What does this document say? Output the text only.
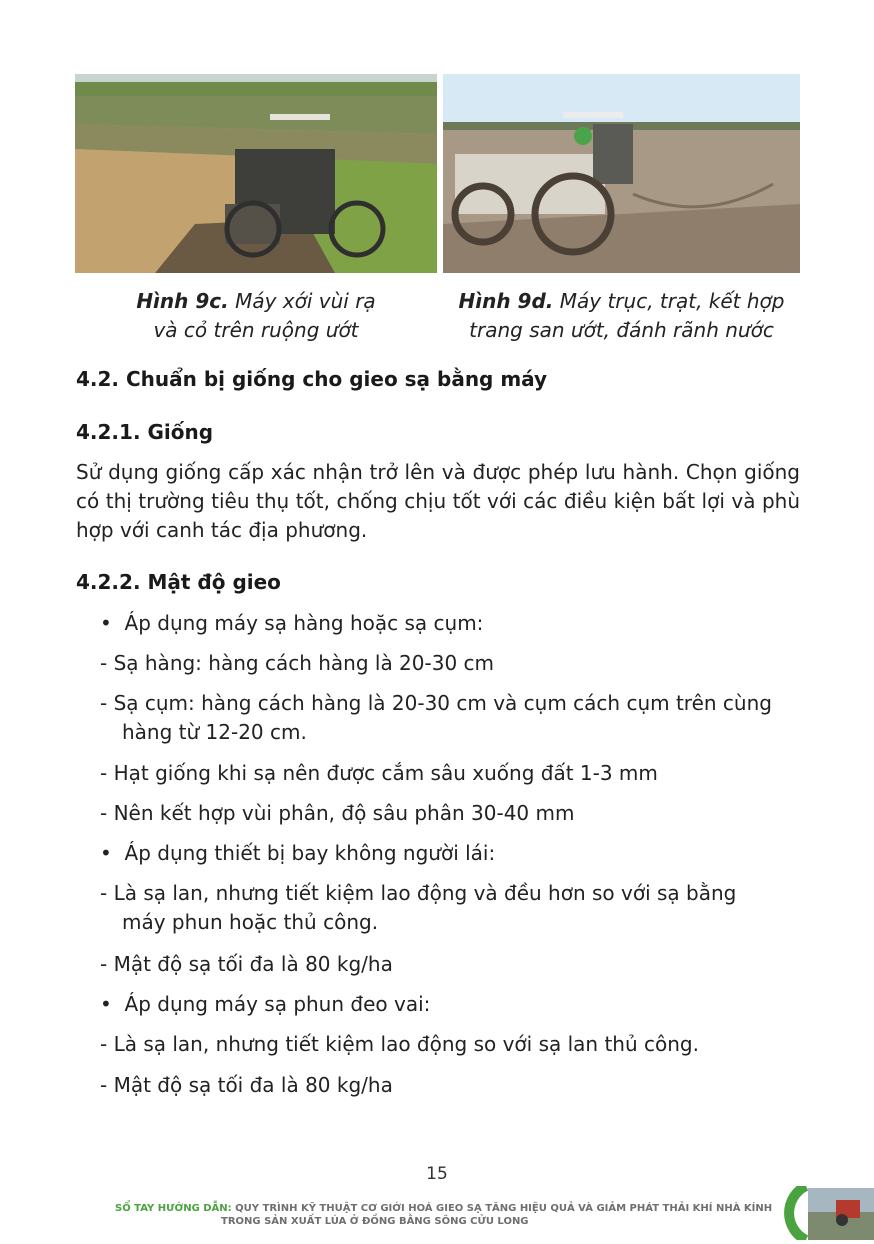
Hình 9c. Máy xới vùi rạ
và cỏ trên ruộng ướt
Hình 9d. Máy trục, trạt, kết hợp
trang san ướt, đánh rãnh nước
4.2. Chuẩn bị giống cho gieo sạ bằng máy
4.2.1. Giống
Sử dụng giống cấp xác nhận trở lên và được phép lưu hành. Chọn giống có thị trường tiêu thụ tốt, chống chịu tốt với các điều kiện bất lợi và phù hợp với canh tác địa phương.
4.2.2. Mật độ gieo
•  Áp dụng máy sạ hàng hoặc sạ cụm:
- Sạ hàng: hàng cách hàng là 20-30 cm
- Sạ cụm: hàng cách hàng là 20-30 cm và cụm cách cụm trên cùng
hàng từ 12-20 cm.
- Hạt giống khi sạ nên được cắm sâu xuống đất 1-3 mm
- Nên kết hợp vùi phân, độ sâu phân 30-40 mm
•  Áp dụng thiết bị bay không người lái:
- Là sạ lan, nhưng tiết kiệm lao động và đều hơn so với sạ bằng
máy phun hoặc thủ công.
- Mật độ sạ tối đa là 80 kg/ha
•  Áp dụng máy sạ phun đeo vai:
- Là sạ lan, nhưng tiết kiệm lao động so với sạ lan thủ công.
- Mật độ sạ tối đa là 80 kg/ha
15
SỔ TAY HƯỚNG DẪN: QUY TRÌNH KỸ THUẬT CƠ GIỚI HOÁ GIEO SẠ TĂNG HIỆU QUẢ VÀ GIẢM PHÁT THẢI KHÍ NHÀ KÍNH
TRONG SẢN XUẤT LÚA Ở ĐỒNG BẰNG SÔNG CỬU LONG
